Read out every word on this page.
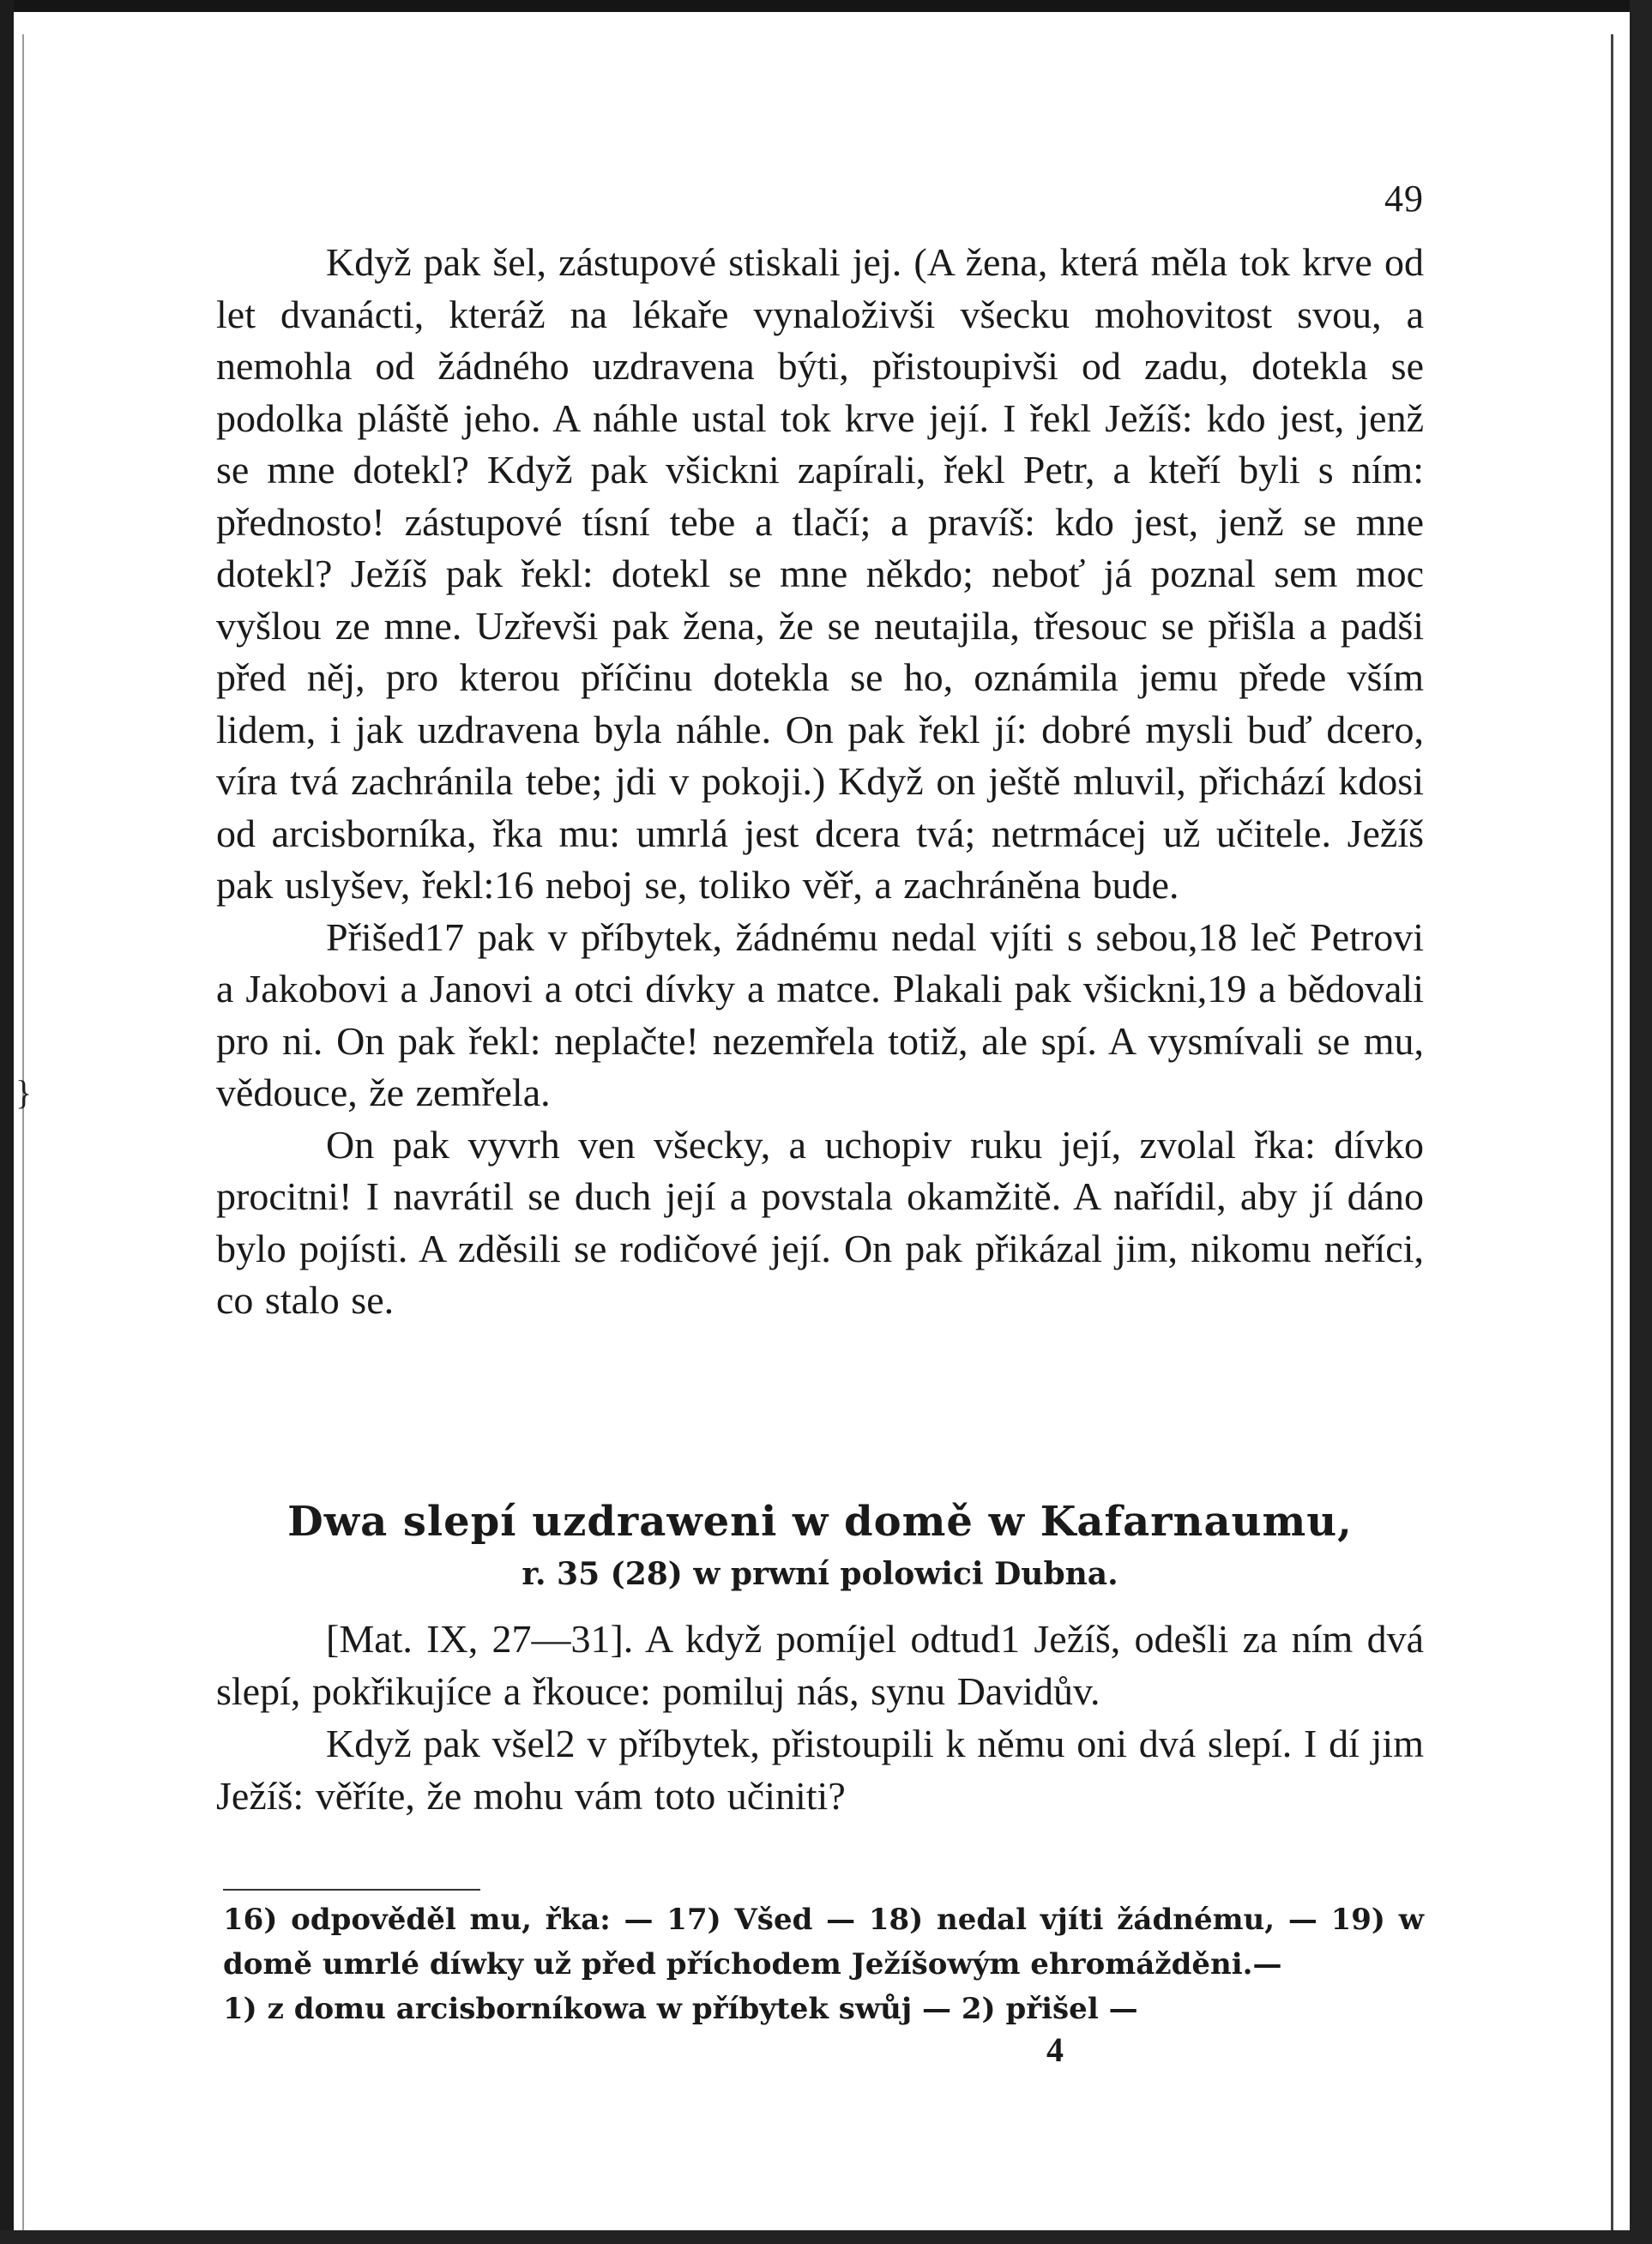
}
49

Když pak šel, zástupové stiskali jej. (A žena, která měla tok krve od let dvanácti, kteráž na lékaře vynaloživši všecku mohovitost svou, a nemohla od žádného uzdravena býti, přistoupivši od zadu, dotekla se podolka pláště jeho. A náhle ustal tok krve její. I řekl Ježíš: kdo jest, jenž se mne dotekl? Když pak všickni zapírali, řekl Petr, a kteří byli s ním: přednosto! zástupové tísní tebe a tlačí; a pravíš: kdo jest, jenž se mne dotekl? Ježíš pak řekl: dotekl se mne někdo; neboť já poznal sem moc vyšlou ze mne. Uzřevši pak žena, že se neutajila, třesouc se přišla a padši před něj, pro kterou příčinu dotekla se ho, oznámila jemu přede vším lidem, i jak uzdravena byla náhle. On pak řekl jí: dobré mysli buď dcero, víra tvá zachránila tebe; jdi v pokoji.) Když on ještě mluvil, přichází kdosi od arcisborníka, řka mu: umrlá jest dcera tvá; netrmácej už učitele. Ježíš pak uslyšev, řekl:16 neboj se, toliko věř, a zachráněna bude.

Přišed17 pak v příbytek, žádnému nedal vjíti s sebou,18 leč Petrovi a Jakobovi a Janovi a otci dívky a matce. Plakali pak všickni,19 a bědovali pro ni. On pak řekl: neplačte! nezemřela totiž, ale spí. A vysmívali se mu, vědouce, že zemřela.

On pak vyvrh ven všecky, a uchopiv ruku její, zvolal řka: dívko procitni! I navrátil se duch její a povstala okamžitě. A nařídil, aby jí dáno bylo pojísti. A zděsili se rodičové její. On pak přikázal jim, nikomu neříci, co stalo se.

Dwa slepí uzdraweni w domě w Kafarnaumu,
r. 35 (28) w prwní polowici Dubna.

[Mat. IX, 27—31]. A když pomíjel odtud1 Ježíš, odešli za ním dvá slepí, pokřikujíce a řkouce: pomiluj nás, synu Davidův.

Když pak všel2 v příbytek, přistoupili k němu oni dvá slepí. I dí jim Ježíš: věříte, že mohu vám toto učiniti?

16) odpověděl mu, řka: — 17) Všed — 18) nedal vjíti žádnému, — 19) w domě umrlé díwky už před příchodem Ježíšowým ehromážděni.—
1) z domu arcisborníkowa w příbytek swůj — 2) přišel —
4
